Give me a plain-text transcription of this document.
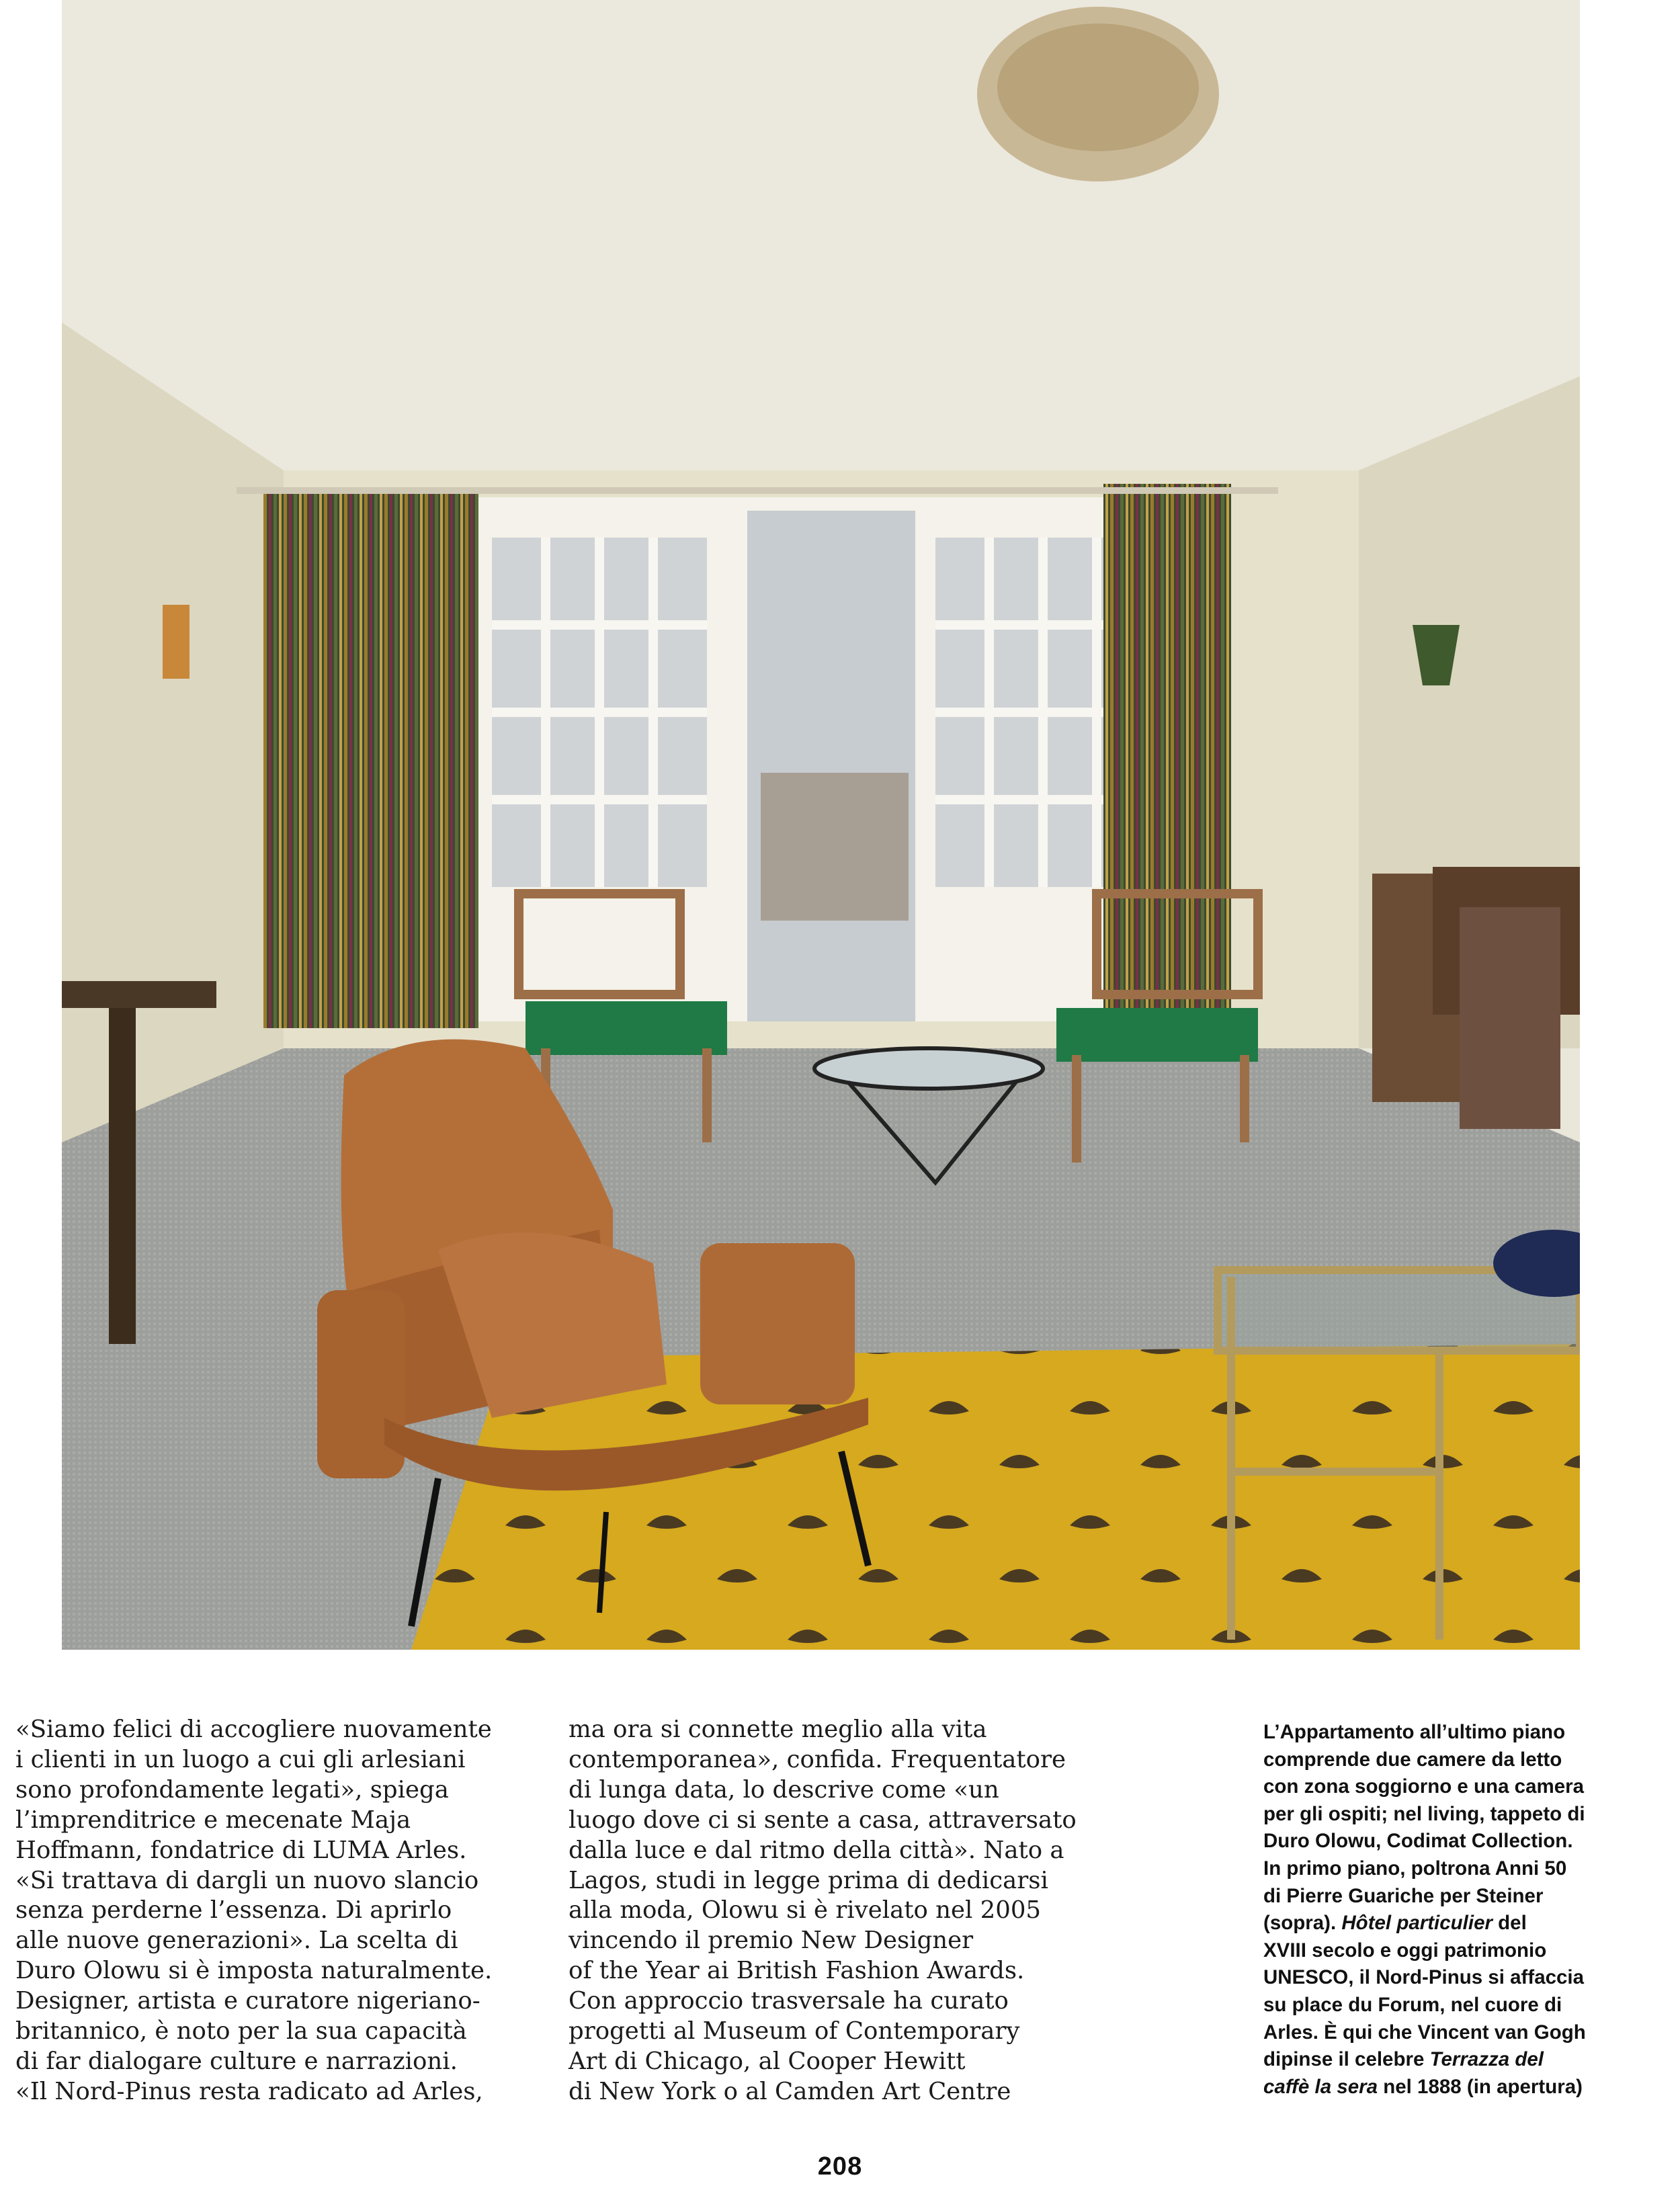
«Siamo felici di accogliere nuovamente
i clienti in un luogo a cui gli arlesiani
sono profondamente legati», spiega
l’imprenditrice e mecenate Maja
Hoffmann, fondatrice di LUMA Arles.
«Si trattava di dargli un nuovo slancio
senza perderne l’essenza. Di aprirlo
alle nuove generazioni». La scelta di
Duro Olowu si è imposta naturalmente.
Designer, artista e curatore nigeriano-
britannico, è noto per la sua capacità
di far dialogare culture e narrazioni.
«Il Nord-Pinus resta radicato ad Arles,

ma ora si connette meglio alla vita
contemporanea», confida. Frequentatore
di lunga data, lo descrive come «un
luogo dove ci si sente a casa, attraversato
dalla luce e dal ritmo della città». Nato a
Lagos, studi in legge prima di dedicarsi
alla moda, Olowu si è rivelato nel 2005
vincendo il premio New Designer
of the Year ai British Fashion Awards.
Con approccio trasversale ha curato
progetti al Museum of Contemporary
Art di Chicago, al Cooper Hewitt
di New York o al Camden Art Centre

L’Appartamento all’ultimo piano
comprende due camere da letto
con zona soggiorno e una camera
per gli ospiti; nel living, tappeto di
Duro Olowu, Codimat Collection.
In primo piano, poltrona Anni 50
di Pierre Guariche per Steiner
(sopra). Hôtel particulier del
XVIII secolo e oggi patrimonio
UNESCO, il Nord-Pinus si affaccia
su place du Forum, nel cuore di
Arles. È qui che Vincent van Gogh
dipinse il celebre Terrazza del
caffè la sera nel 1888 (in apertura)

208
